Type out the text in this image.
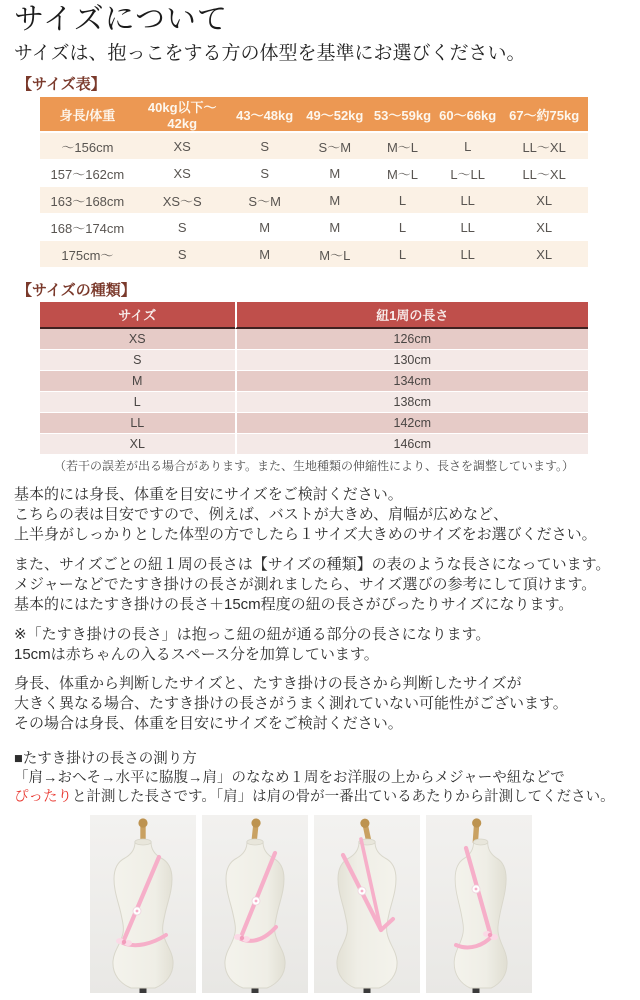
サイズについて
サイズは、抱っこをする方の体型を基準にお選びください。
【サイズ表】
身長/体重	40kg以下～42kg	43～48kg	49～52kg	53～59kg	60～66kg	67～約75kg
～156cm	XS	S	S～M	M～L	L	LL～XL
157～162cm	XS	S	M	M～L	L～LL	LL～XL
163～168cm	XS～S	S～M	M	L	LL	XL
168～174cm	S	M	M	L	LL	XL
175cm～	S	M	M～L	L	LL	XL
【サイズの種類】
サイズ	紐1周の長さ
XS	126cm
S	130cm
M	134cm
L	138cm
LL	142cm
XL	146cm
（若干の誤差が出る場合があります。また、生地種類の伸縮性により、長さを調整しています。）
基本的には身長、体重を目安にサイズをご検討ください。
こちらの表は目安ですので、例えば、バストが大きめ、肩幅が広めなど、
上半身がしっかりとした体型の方でしたら１サイズ大きめのサイズをお選びください。
また、サイズごとの紐１周の長さは【サイズの種類】の表のような長さになっています。
メジャーなどでたすき掛けの長さが測れましたら、サイズ選びの参考にして頂けます。
基本的にはたすき掛けの長さ＋15cm程度の紐の長さがぴったりサイズになります。
※「たすき掛けの長さ」は抱っこ紐の紐が通る部分の長さになります。
15cmは赤ちゃんの入るスペース分を加算しています。
身長、体重から判断したサイズと、たすき掛けの長さから判断したサイズが
大きく異なる場合、たすき掛けの長さがうまく測れていない可能性がございます。
その場合は身長、体重を目安にサイズをご検討ください。
■たすき掛けの長さの測り方
「肩→おへそ→水平に脇腹→肩」のななめ１周をお洋服の上からメジャーや紐などで
ぴったりと計測した長さです。「肩」は肩の骨が一番出ているあたりから計測してください。
